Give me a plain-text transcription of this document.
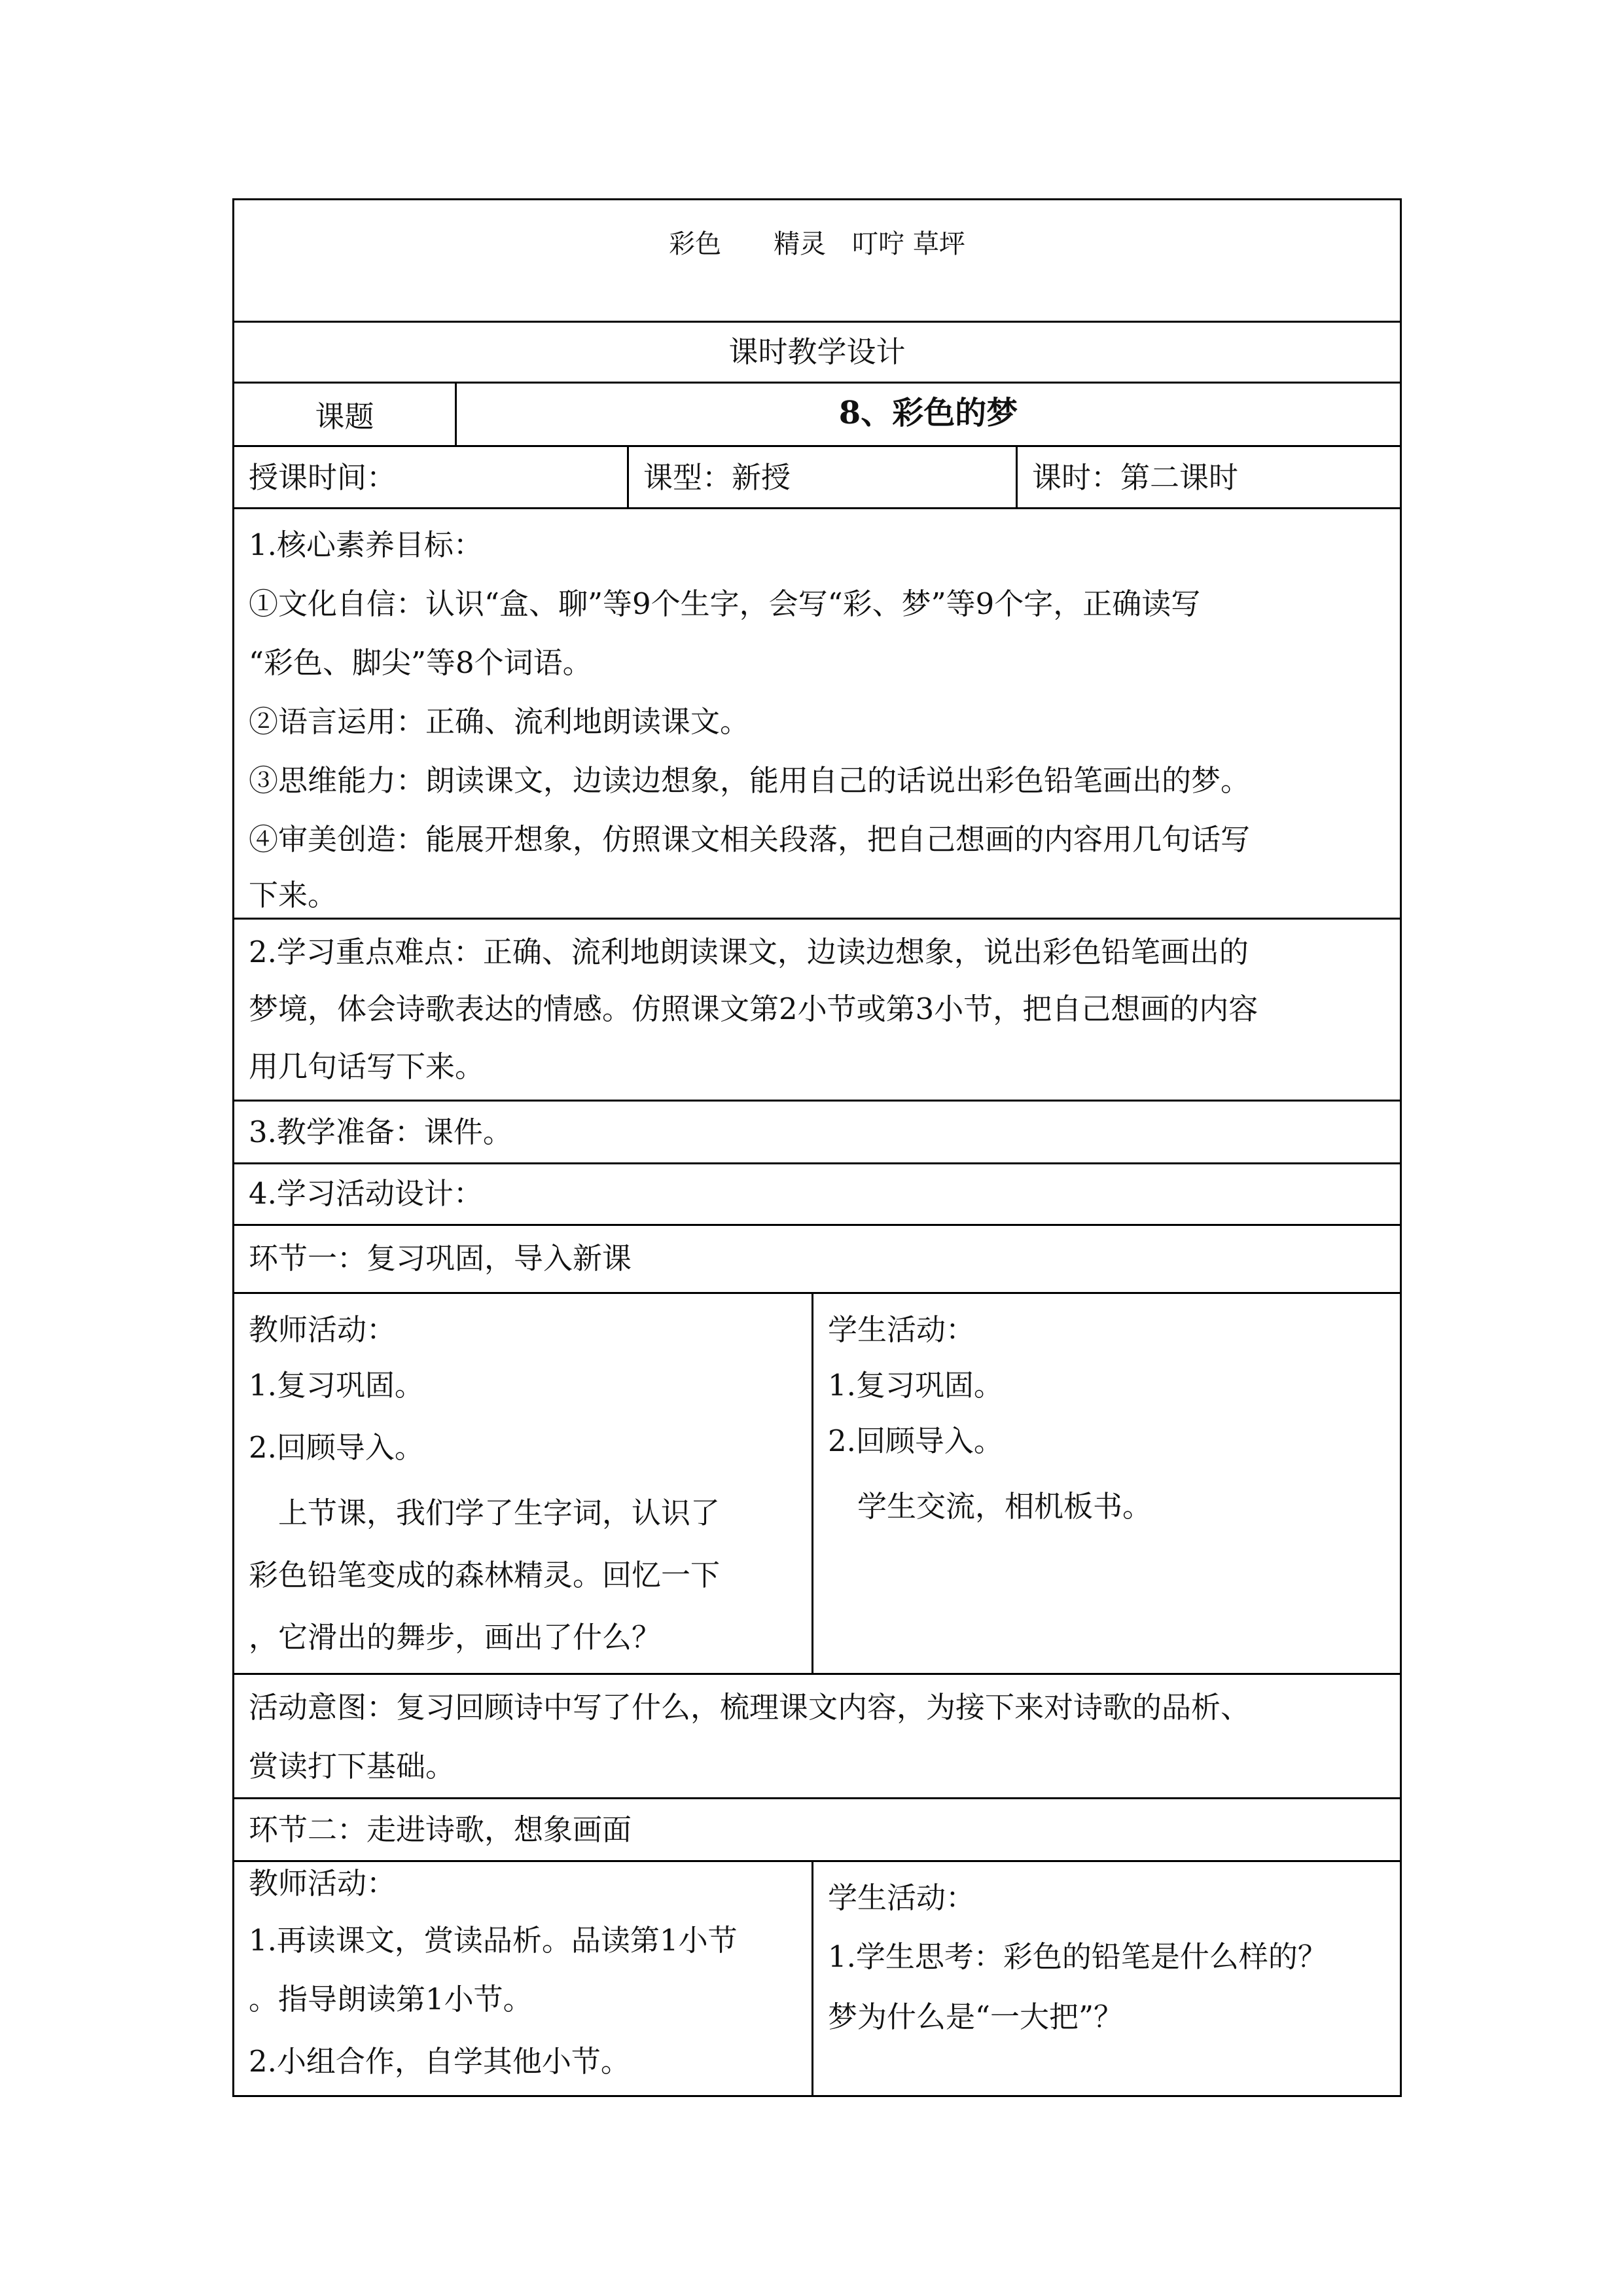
彩色　　精灵　叮咛 草坪
课时教学设计
课题	8、彩色的梦
授课时间：	课型：新授	课时：第二课时
1.核心素养目标：
①文化自信：认识“盒、聊”等9个生字，会写“彩、梦”等9个字，正确读写
“彩色、脚尖”等8个词语。
②语言运用：正确、流利地朗读课文。
③思维能力：朗读课文，边读边想象，能用自己的话说出彩色铅笔画出的梦。
④审美创造：能展开想象，仿照课文相关段落，把自己想画的内容用几句话写
下来。
2.学习重点难点：正确、流利地朗读课文，边读边想象，说出彩色铅笔画出的
梦境，体会诗歌表达的情感。仿照课文第2小节或第3小节，把自己想画的内容
用几句话写下来。
3.教学准备：课件。
4.学习活动设计：
环节一：复习巩固，导入新课
教师活动：
1.复习巩固。
2.回顾导入。
　上节课，我们学了生字词，认识了
彩色铅笔变成的森林精灵。回忆一下
，它滑出的舞步，画出了什么？
学生活动：
1.复习巩固。
2.回顾导入。
　学生交流，相机板书。
活动意图：复习回顾诗中写了什么，梳理课文内容，为接下来对诗歌的品析、
赏读打下基础。
环节二：走进诗歌，想象画面
教师活动：
1.再读课文，赏读品析。品读第1小节
。指导朗读第1小节。
2.小组合作，自学其他小节。
学生活动：
1.学生思考：彩色的铅笔是什么样的？
梦为什么是“一大把”？
